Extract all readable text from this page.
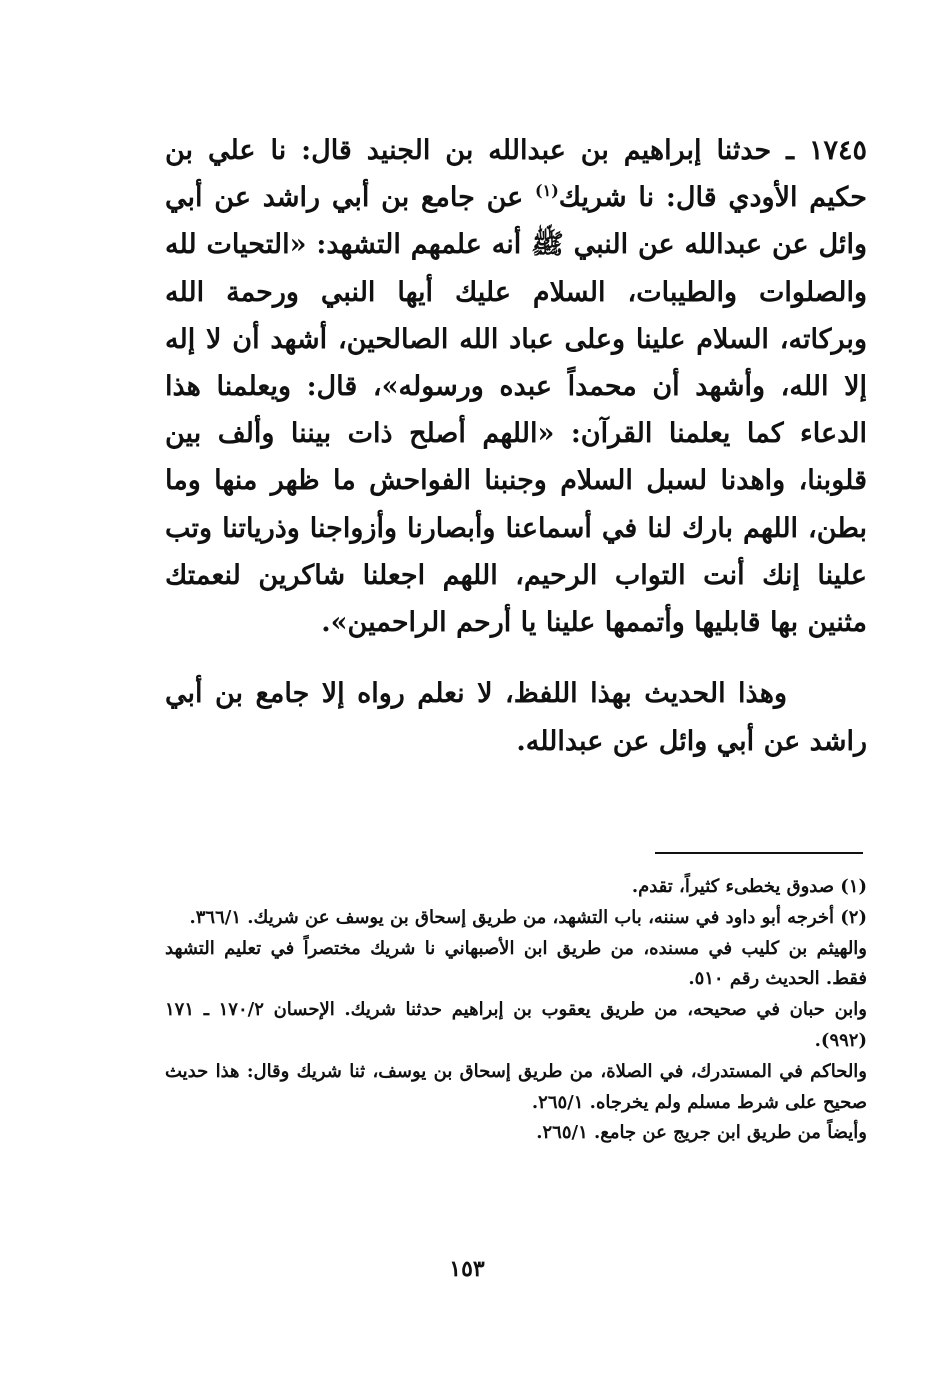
١٧٤٥ ـ حدثنا إبراهيم بن عبدالله بن الجنيد قال: نا علي بن حكيم الأودي قال: نا شريك$^{(١)}$ عن جامع بن أبي راشد عن أبي وائل عن عبدالله عن النبي ﷺ أنه علمهم التشهد: «التحيات لله والصلوات والطيبات، السلام عليك أيها النبي ورحمة الله وبركاته، السلام علينا وعلى عباد الله الصالحين، أشهد أن لا إله إلا الله، وأشهد أن محمداً عبده ورسوله»، قال: ويعلمنا هذا الدعاء كما يعلمنا القرآن: «اللهم أصلح ذات بيننا وألف بين قلوبنا، واهدنا لسبل السلام وجنبنا الفواحش ما ظهر منها وما بطن، اللهم بارك لنا في أسماعنا وأبصارنا وأزواجنا وذرياتنا وتب علينا إنك أنت التواب الرحيم، اللهم اجعلنا شاكرين لنعمتك مثنين بها قابليها وأتممها علينا يا أرحم الراحمين».
وهذا الحديث بهذا اللفظ، لا نعلم رواه إلا جامع بن أبي راشد عن أبي وائل عن عبدالله.

(١) صدوق يخطىء كثيراً، تقدم.

(٢) أخرجه أبو داود في سننه، باب التشهد، من طريق إسحاق بن يوسف عن شريك. ٣٦٦/١.

والهيثم بن كليب في مسنده، من طريق ابن الأصبهاني نا شريك مختصراً في تعليم التشهد فقط. الحديث رقم ٥١٠.

وابن حبان في صحيحه، من طريق يعقوب بن إبراهيم حدثنا شريك. الإحسان ١٧٠/٢ ـ ١٧١ (٩٩٢).

والحاكم في المستدرك، في الصلاة، من طريق إسحاق بن يوسف، ثنا شريك وقال: هذا حديث صحيح على شرط مسلم ولم يخرجاه. ٢٦٥/١.

وأيضاً من طريق ابن جريج عن جامع. ٢٦٥/١.

١٥٣
